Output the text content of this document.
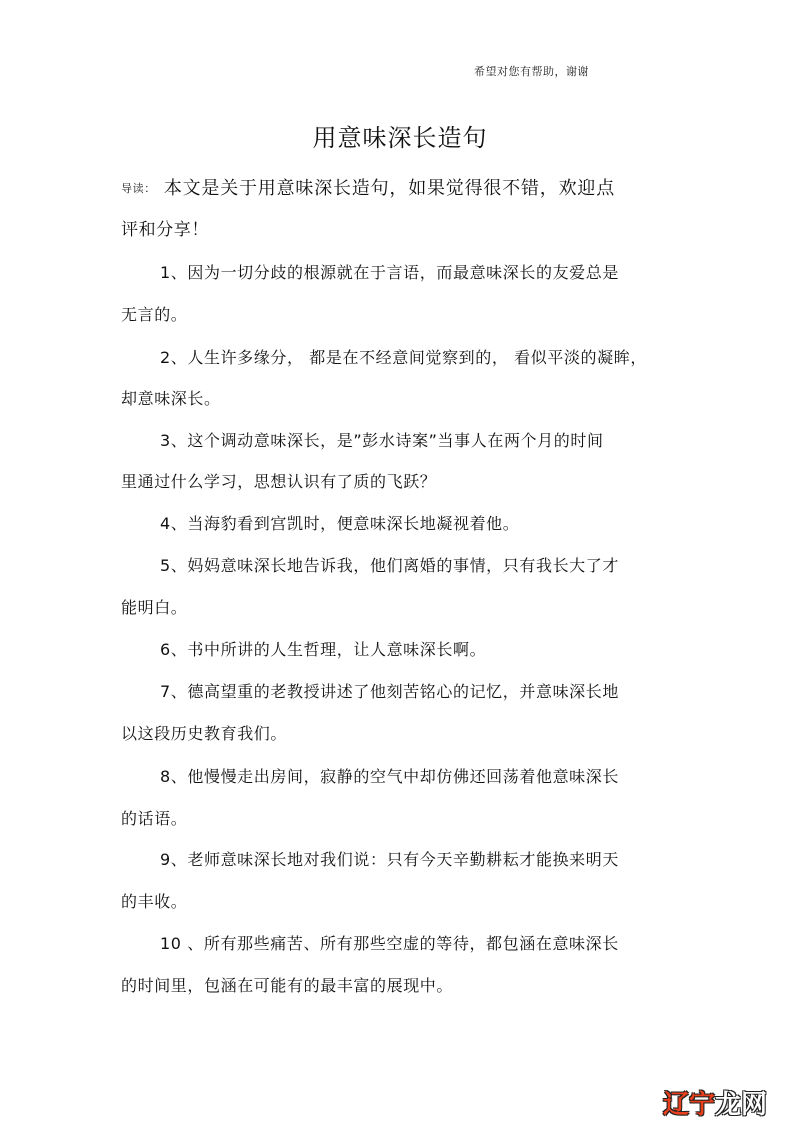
希望对您有帮助，谢谢
用意味深长造句
导读： 本文是关于用意味深长造句，如果觉得很不错，欢迎点
评和分享！
1、因为一切分歧的根源就在于言语，而最意味深长的友爱总是
无言的。
2、人生许多缘分， 都是在不经意间觉察到的， 看似平淡的凝眸，
却意味深长。
3、这个调动意味深长，是”彭水诗案”当事人在两个月的时间
里通过什么学习，思想认识有了质的飞跃？
4、当海豹看到宫凯时，便意味深长地凝视着他。
5、妈妈意味深长地告诉我，他们离婚的事情，只有我长大了才
能明白。
6、书中所讲的人生哲理，让人意味深长啊。
7、德高望重的老教授讲述了他刻苦铭心的记忆，并意味深长地
以这段历史教育我们。
8、他慢慢走出房间，寂静的空气中却仿佛还回荡着他意味深长
的话语。
9、老师意味深长地对我们说：只有今天辛勤耕耘才能换来明天
的丰收。
10 、所有那些痛苦、所有那些空虚的等待，都包涵在意味深长
的时间里，包涵在可能有的最丰富的展现中。
辽宁龙网
